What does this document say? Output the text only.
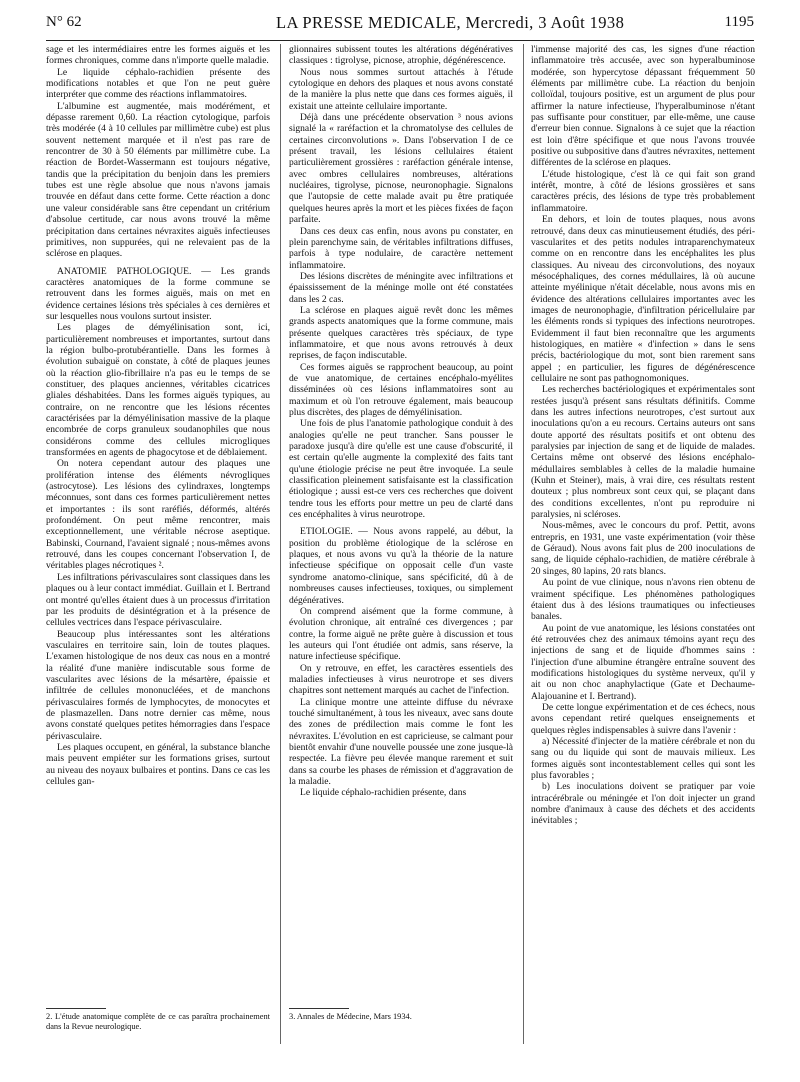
N° 62	LA PRESSE MEDICALE, Mercredi, 3 Août 1938	1195

sage et les intermédiaires entre les formes aiguës et les formes chroniques, comme dans n'importe quelle maladie.

Le liquide céphalo-rachidien présente des modifications notables et que l'on ne peut guère interpréter que comme des réactions inflammatoires.

L'albumine est augmentée, mais modérément, et dépasse rarement 0,60. La réaction cytologique, parfois très modérée (4 à 10 cellules par millimètre cube) est plus souvent nettement marquée et il n'est pas rare de rencontrer de 30 à 50 éléments par millimètre cube. La réaction de Bordet-Wassermann est toujours négative, tandis que la précipitation du benjoin dans les premiers tubes est une règle absolue que nous n'avons jamais trouvée en défaut dans cette forme. Cette réaction a donc une valeur considérable sans être cependant un critérium d'absolue certitude, car nous avons trouvé la même précipitation dans certaines névraxites aiguës infectieuses primitives, non suppurées, qui ne relevaient pas de la sclérose en plaques.

ANATOMIE PATHOLOGIQUE. — Les grands caractères anatomiques de la forme commune se retrouvent dans les formes aiguës, mais on met en évidence certaines lésions très spéciales à ces dernières et sur lesquelles nous voulons surtout insister.

Les plages de démyélinisation sont, ici, particulièrement nombreuses et importantes, surtout dans la région bulbo-protubérantielle. Dans les formes à évolution subaiguë on constate, à côté de plaques jeunes où la réaction glio-fibrillaire n'a pas eu le temps de se constituer, des plaques anciennes, véritables cicatrices gliales déshabitées. Dans les formes aiguës typiques, au contraire, on ne rencontre que les lésions récentes caractérisées par la démyélinisation massive de la plaque encombrée de corps granuleux soudanophiles que nous considérons comme des cellules microgliques transformées en agents de phagocytose et de déblaiement.

On notera cependant autour des plaques une prolifération intense des éléments névrogliques (astrocytose). Les lésions des cylindraxes, longtemps méconnues, sont dans ces formes particulièrement nettes et importantes : ils sont raréfiés, déformés, altérés profondément. On peut même rencontrer, mais exceptionnellement, une véritable nécrose aseptique. Babinski, Cournand, l'avaient signalé ; nous-mêmes avons retrouvé, dans les coupes concernant l'observation I, de véritables plages nécrotiques ².

Les infiltrations périvasculaires sont classiques dans les plaques ou à leur contact immédiat. Guillain et I. Bertrand ont montré qu'elles étaient dues à un processus d'irritation par les produits de désintégration et à la présence de cellules vectrices dans l'espace périvasculaire.

Beaucoup plus intéressantes sont les altérations vasculaires en territoire sain, loin de toutes plaques. L'examen histologique de nos deux cas nous en a montré la réalité d'une manière indiscutable sous forme de vascularites avec lésions de la mésartère, épaissie et infiltrée de cellules mononucléées, et de manchons périvasculaires formés de lymphocytes, de monocytes et de plasmazellen. Dans notre dernier cas même, nous avons constaté quelques petites hémorragies dans l'espace périvasculaire.

Les plaques occupent, en général, la substance blanche mais peuvent empiéter sur les formations grises, surtout au niveau des noyaux bulbaires et pontins. Dans ce cas les cellules gan-

2. L'étude anatomique complète de ce cas paraîtra prochainement dans la Revue neurologique.

glionnaires subissent toutes les altérations dégénératives classiques : tigrolyse, picnose, atrophie, dégénérescence.

Nous nous sommes surtout attachés à l'étude cytologique en dehors des plaques et nous avons constaté de la manière la plus nette que dans ces formes aiguës, il existait une atteinte cellulaire importante.

Déjà dans une précédente observation ³ nous avions signalé la « raréfaction et la chromatolyse des cellules de certaines circonvolutions ». Dans l'observation I de ce présent travail, les lésions cellulaires étaient particulièrement grossières : raréfaction générale intense, avec ombres cellulaires nombreuses, altérations nucléaires, tigrolyse, picnose, neuronophagie. Signalons que l'autopsie de cette malade avait pu être pratiquée quelques heures après la mort et les pièces fixées de façon parfaite.

Dans ces deux cas enfin, nous avons pu constater, en plein parenchyme sain, de véritables infiltrations diffuses, parfois à type nodulaire, de caractère nettement inflammatoire.

Des lésions discrètes de méningite avec infiltrations et épaississement de la méninge molle ont été constatées dans les 2 cas.

La sclérose en plaques aiguë revêt donc les mêmes grands aspects anatomiques que la forme commune, mais présente quelques caractères très spéciaux, de type inflammatoire, et que nous avons retrouvés à deux reprises, de façon indiscutable.

Ces formes aiguës se rapprochent beaucoup, au point de vue anatomique, de certaines encéphalo-myélites disséminées où ces lésions inflammatoires sont au maximum et où l'on retrouve également, mais beaucoup plus discrètes, des plages de démyélinisation.

Une fois de plus l'anatomie pathologique conduit à des analogies qu'elle ne peut trancher. Sans pousser le paradoxe jusqu'à dire qu'elle est une cause d'obscurité, il est certain qu'elle augmente la complexité des faits tant qu'une étiologie précise ne peut être invoquée. La seule classification pleinement satisfaisante est la classification étiologique ; aussi est-ce vers ces recherches que doivent tendre tous les efforts pour mettre un peu de clarté dans ces encéphalites à virus neurotrope.

ETIOLOGIE. — Nous avons rappelé, au début, la position du problème étiologique de la sclérose en plaques, et nous avons vu qu'à la théorie de la nature infectieuse spécifique on opposait celle d'un vaste syndrome anatomo-clinique, sans spécificité, dû à de nombreuses causes infectieuses, toxiques, ou simplement dégénératives.

On comprend aisément que la forme commune, à évolution chronique, ait entraîné ces divergences ; par contre, la forme aiguë ne prête guère à discussion et tous les auteurs qui l'ont étudiée ont admis, sans réserve, la nature infectieuse spécifique.

On y retrouve, en effet, les caractères essentiels des maladies infectieuses à virus neurotrope et ses divers chapitres sont nettement marqués au cachet de l'infection.

La clinique montre une atteinte diffuse du névraxe touché simultanément, à tous les niveaux, avec sans doute des zones de prédilection mais comme le font les névraxites. L'évolution en est capricieuse, se calmant pour bientôt envahir d'une nouvelle poussée une zone jusque-là respectée. La fièvre peu élevée manque rarement et suit dans sa courbe les phases de rémission et d'aggravation de la maladie.

Le liquide céphalo-rachidien présente, dans

3. Annales de Médecine, Mars 1934.

l'immense majorité des cas, les signes d'une réaction inflammatoire très accusée, avec son hyperalbuminose modérée, son hypercytose dépassant fréquemment 50 éléments par millimètre cube. La réaction du benjoin colloïdal, toujours positive, est un argument de plus pour affirmer la nature infectieuse, l'hyperalbuminose n'étant pas suffisante pour constituer, par elle-même, une cause d'erreur bien connue. Signalons à ce sujet que la réaction est loin d'être spécifique et que nous l'avons trouvée positive ou subpositive dans d'autres névraxites, nettement différentes de la sclérose en plaques.

L'étude histologique, c'est là ce qui fait son grand intérêt, montre, à côté de lésions grossières et sans caractères précis, des lésions de type très probablement inflammatoire.

En dehors, et loin de toutes plaques, nous avons retrouvé, dans deux cas minutieusement étudiés, des péri-vascularites et des petits nodules intraparenchymateux comme on en rencontre dans les encéphalites les plus classiques. Au niveau des circonvolutions, des noyaux mésocéphaliques, des cornes médullaires, là où aucune atteinte myélinique n'était décelable, nous avons mis en évidence des altérations cellulaires importantes avec les images de neuronophagie, d'infiltration péricellulaire par les éléments ronds si typiques des infections neurotropes. Evidemment il faut bien reconnaître que les arguments histologiques, en matière « d'infection » dans le sens précis, bactériologique du mot, sont bien rarement sans appel ; en particulier, les figures de dégénérescence cellulaire ne sont pas pathognomoniques.

Les recherches bactériologiques et expérimentales sont restées jusqu'à présent sans résultats définitifs. Comme dans les autres infections neurotropes, c'est surtout aux inoculations qu'on a eu recours. Certains auteurs ont sans doute apporté des résultats positifs et ont obtenu des paralysies par injection de sang et de liquide de malades. Certains même ont observé des lésions encéphalo-médullaires semblables à celles de la maladie humaine (Kuhn et Steiner), mais, à vrai dire, ces résultats restent douteux ; plus nombreux sont ceux qui, se plaçant dans des conditions excellentes, n'ont pu reproduire ni paralysies, ni scléroses.

Nous-mêmes, avec le concours du prof. Pettit, avons entrepris, en 1931, une vaste expérimentation (voir thèse de Géraud). Nous avons fait plus de 200 inoculations de sang, de liquide céphalo-rachidien, de matière cérébrale à 20 singes, 80 lapins, 20 rats blancs.

Au point de vue clinique, nous n'avons rien obtenu de vraiment spécifique. Les phénomènes pathologiques étaient dus à des lésions traumatiques ou infectieuses banales.

Au point de vue anatomique, les lésions constatées ont été retrouvées chez des animaux témoins ayant reçu des injections de sang et de liquide d'hommes sains : l'injection d'une albumine étrangère entraîne souvent des modifications histologiques du système nerveux, qu'il y ait ou non choc anaphylactique (Gate et Dechaume-Alajouanine et I. Bertrand).

De cette longue expérimentation et de ces échecs, nous avons cependant retiré quelques enseignements et quelques règles indispensables à suivre dans l'avenir :

a) Nécessité d'injecter de la matière cérébrale et non du sang ou du liquide qui sont de mauvais milieux. Les formes aiguës sont incontestablement celles qui sont les plus favorables ;

b) Les inoculations doivent se pratiquer par voie intracérébrale ou méningée et l'on doit injecter un grand nombre d'animaux à cause des déchets et des accidents inévitables ;
